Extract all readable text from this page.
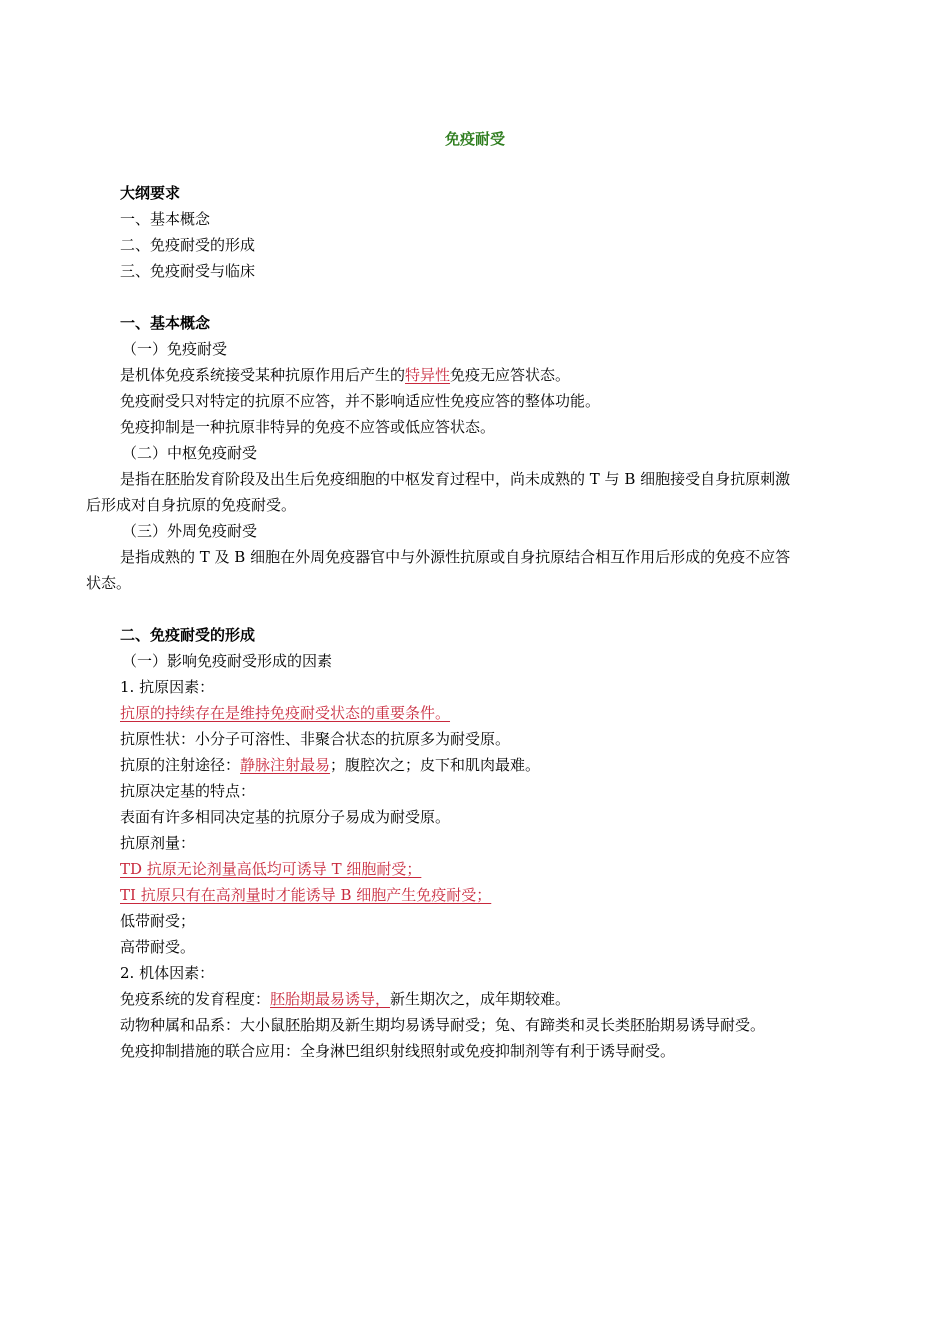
免疫耐受
大纲要求
一、基本概念
二、免疫耐受的形成
三、免疫耐受与临床
一、基本概念
（一）免疫耐受
是机体免疫系统接受某种抗原作用后产生的特异性免疫无应答状态。
免疫耐受只对特定的抗原不应答，并不影响适应性免疫应答的整体功能。
免疫抑制是一种抗原非特异的免疫不应答或低应答状态。
（二）中枢免疫耐受
是指在胚胎发育阶段及出生后免疫细胞的中枢发育过程中，尚未成熟的 T 与 B 细胞接受自身抗原刺激
后形成对自身抗原的免疫耐受。
（三）外周免疫耐受
是指成熟的 T 及 B 细胞在外周免疫器官中与外源性抗原或自身抗原结合相互作用后形成的免疫不应答
状态。
二、免疫耐受的形成
（一）影响免疫耐受形成的因素
1. 抗原因素：
抗原的持续存在是维持免疫耐受状态的重要条件。
抗原性状：小分子可溶性、非聚合状态的抗原多为耐受原。
抗原的注射途径：静脉注射最易；腹腔次之；皮下和肌肉最难。
抗原决定基的特点：
表面有许多相同决定基的抗原分子易成为耐受原。
抗原剂量：
TD 抗原无论剂量高低均可诱导 T 细胞耐受；
TI 抗原只有在高剂量时才能诱导 B 细胞产生免疫耐受；
低带耐受；
高带耐受。
2. 机体因素：
免疫系统的发育程度：胚胎期最易诱导，新生期次之，成年期较难。
动物种属和品系：大小鼠胚胎期及新生期均易诱导耐受；兔、有蹄类和灵长类胚胎期易诱导耐受。
免疫抑制措施的联合应用：全身淋巴组织射线照射或免疫抑制剂等有利于诱导耐受。
